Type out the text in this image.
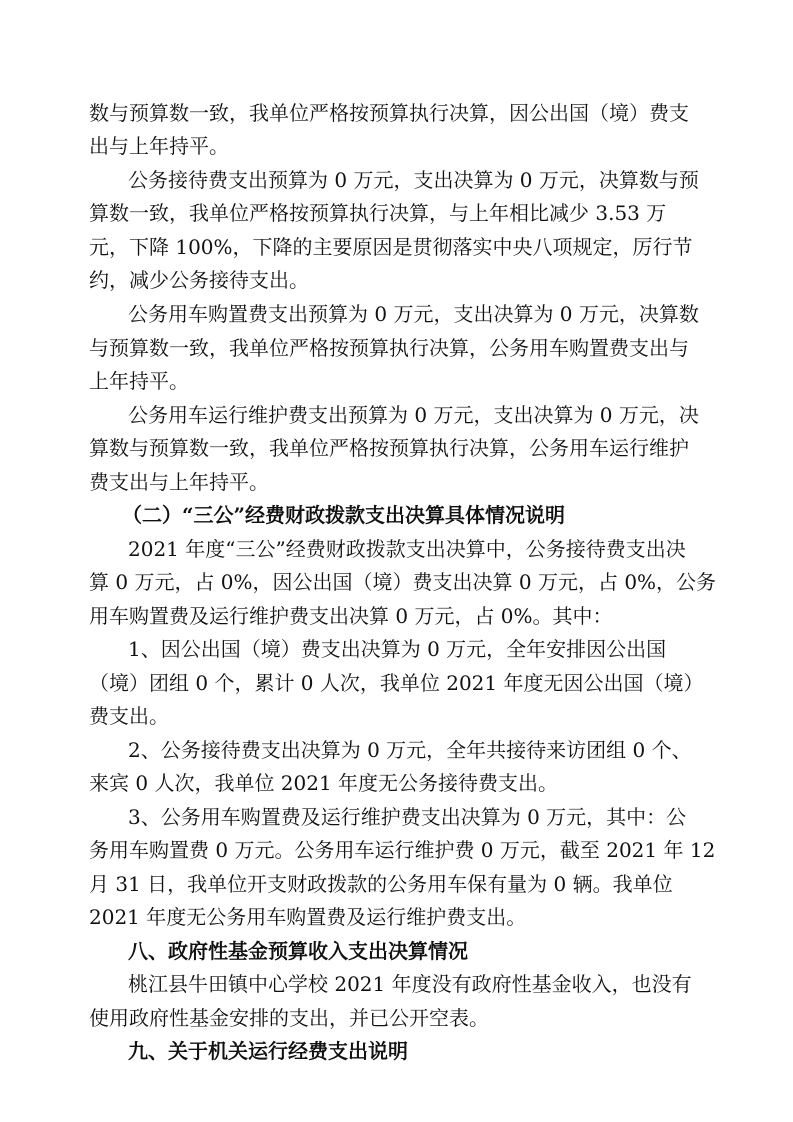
数与预算数一致，我单位严格按预算执行决算，因公出国（境）费支
出与上年持平。
公务接待费支出预算为 0 万元，支出决算为 0 万元，决算数与预
算数一致，我单位严格按预算执行决算，与上年相比减少 3.53 万
元，下降 100%，下降的主要原因是贯彻落实中央八项规定，厉行节
约，减少公务接待支出。
公务用车购置费支出预算为 0 万元，支出决算为 0 万元，决算数
与预算数一致，我单位严格按预算执行决算，公务用车购置费支出与
上年持平。
公务用车运行维护费支出预算为 0 万元，支出决算为 0 万元，决
算数与预算数一致，我单位严格按预算执行决算，公务用车运行维护
费支出与上年持平。
（二）“三公”经费财政拨款支出决算具体情况说明
2021 年度“三公”经费财政拨款支出决算中，公务接待费支出决
算 0 万元，占 0%，因公出国（境）费支出决算 0 万元，占 0%，公务
用车购置费及运行维护费支出决算 0 万元，占 0%。其中：
1、因公出国（境）费支出决算为 0 万元，全年安排因公出国
（境）团组 0 个，累计 0 人次，我单位 2021 年度无因公出国（境）
费支出。
2、公务接待费支出决算为 0 万元，全年共接待来访团组 0 个、
来宾 0 人次，我单位 2021 年度无公务接待费支出。
3、公务用车购置费及运行维护费支出决算为 0 万元，其中：公
务用车购置费 0 万元。公务用车运行维护费 0 万元，截至 2021 年 12
月 31 日，我单位开支财政拨款的公务用车保有量为 0 辆。我单位
2021 年度无公务用车购置费及运行维护费支出。
八、政府性基金预算收入支出决算情况
桃江县牛田镇中心学校 2021 年度没有政府性基金收入，也没有
使用政府性基金安排的支出，并已公开空表。
九、关于机关运行经费支出说明
